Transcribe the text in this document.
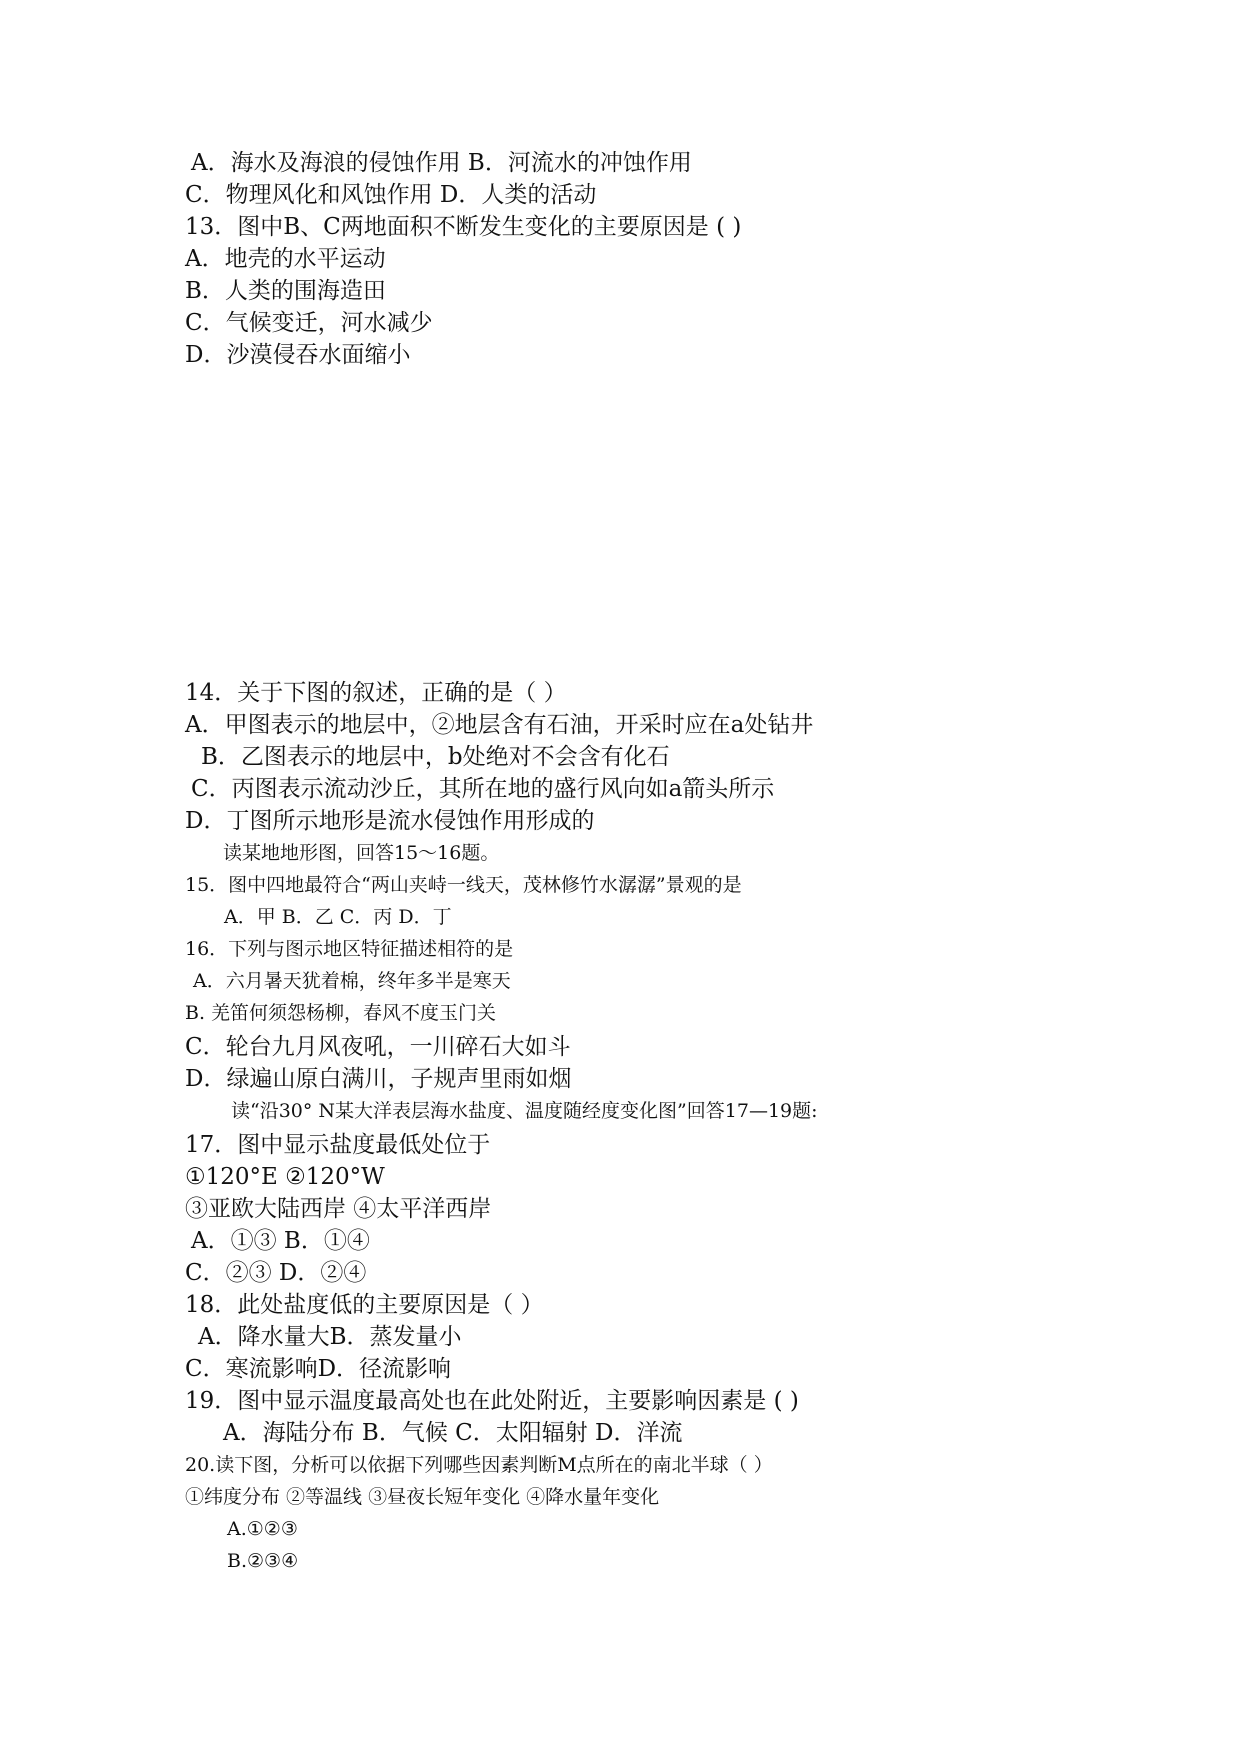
A．海水及海浪的侵蚀作用 B．河流水的冲蚀作用
C．物理风化和风蚀作用 D．人类的活动
13．图中B、C两地面积不断发生变化的主要原因是 ( )
A．地壳的水平运动
B．人类的围海造田
C．气候变迁，河水减少
D．沙漠侵吞水面缩小
14．关于下图的叙述，正确的是（ ）
A．甲图表示的地层中，②地层含有石油，开采时应在a处钻井
B．乙图表示的地层中，b处绝对不会含有化石
C．丙图表示流动沙丘，其所在地的盛行风向如a箭头所示
D．丁图所示地形是流水侵蚀作用形成的
读某地地形图，回答15～16题。
15．图中四地最符合“两山夹峙一线天，茂林修竹水潺潺”景观的是
A．甲 B．乙 C．丙 D．丁
16．下列与图示地区特征描述相符的是
A．六月暑天犹着棉，终年多半是寒天
B. 羌笛何须怨杨柳，春风不度玉门关
C．轮台九月风夜吼，一川碎石大如斗
D．绿遍山原白满川，子规声里雨如烟
读“沿30° N某大洋表层海水盐度、温度随经度变化图”回答17—19题:
17．图中显示盐度最低处位于
①120°E ②120°W
③亚欧大陆西岸 ④太平洋西岸
A．①③ B．①④
C．②③ D．②④
18．此处盐度低的主要原因是（ ）
A．降水量大B．蒸发量小
C．寒流影响D．径流影响
19．图中显示温度最高处也在此处附近，主要影响因素是 ( )
A．海陆分布 B．气候 C．太阳辐射 D．洋流
20.读下图，分析可以依据下列哪些因素判断M点所在的南北半球（ ）
①纬度分布 ②等温线 ③昼夜长短年变化 ④降水量年变化
A.①②③
B.②③④
